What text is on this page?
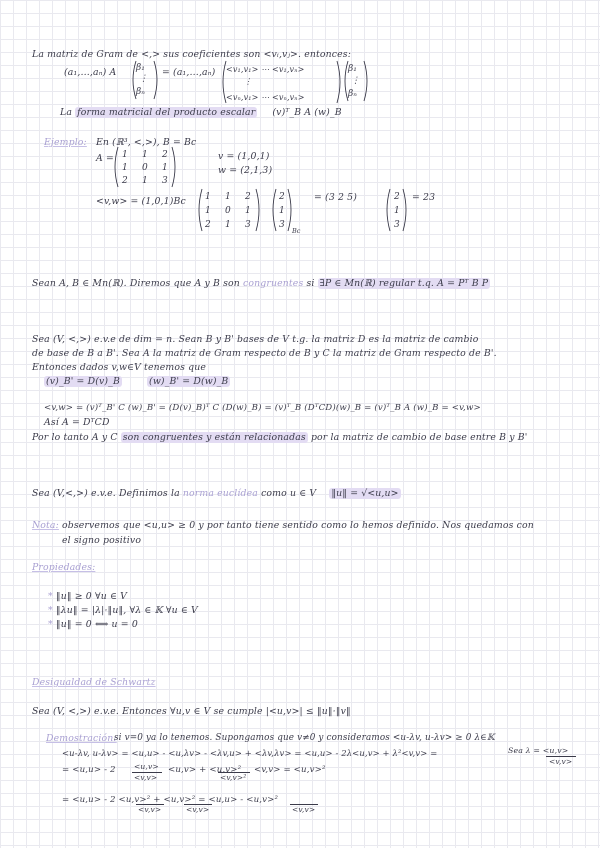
La matriz de Gram de <,> sus coeficientes son <vᵢ,vⱼ>. entonces:
(a₁,…,aₙ) A β₁
⋮
βₙ
= (a₁,…,aₙ) <v₁,v₁> ⋯ <v₁,vₙ>
⋮
<vₙ,v₁> ⋯ <vₙ,vₙ>
β₁
⋮
βₙ
La forma matricial del producto escalar (v)ᵀ_B A (w)_B
Ejemplo: En (ℝ³, <,>), B = Bc
A = 1 1 2
1 0 1
2 1 3
v = (1,0,1)
w = (2,1,3)
<v,w> = (1,0,1)Bc 1 1 2
1 0 1
2 1 3
2
1
3
Bc
= (3 2 5)	2
1
3
= 23
Sean A, B ∈ Mn(ℝ). Diremos que A y B son congruentes si ∃P ∈ Mn(ℝ) regular t.q. A = Pᵀ B P
Sea (V, <,>) e.v.e de dim = n. Sean B y B' bases de V t.g. la matriz D es la matriz de cambio
de base de B a B'. Sea A la matriz de Gram respecto de B y C la matriz de Gram respecto de B'.
Entonces dados v,w∈V tenemos que
(v)_B' = D(v)_B	(w)_B' = D(w)_B
<v,w> = (v)ᵀ_B' C (w)_B' = (D(v)_B)ᵀ C (D(w)_B) = (v)ᵀ_B (DᵀCD)(w)_B = (v)ᵀ_B A (w)_B = <v,w>
Así A = DᵀCD
Por lo tanto A y C son congruentes y están relacionadas por la matriz de cambio de base entre B y B'
Sea (V,<,>) e.v.e. Definimos la norma euclídea como u ∈ V ‖u‖ = √<u,u>
Nota: observemos que <u,u> ≥ 0 y por tanto tiene sentido como lo hemos definido. Nos quedamos con
el signo positivo
Propiedades:
* ‖u‖ ≥ 0 ∀u ∈ V
* ‖λu‖ = |λ|·‖u‖, ∀λ ∈ 𝕂 ∀u ∈ V
* ‖u‖ = 0 ⟺ u = 0
Desigualdad de Schwartz
Sea (V, <,>) e.v.e. Entonces ∀u,v ∈ V se cumple |<u,v>| ≤ ‖u‖·‖v‖
Demostración:
si v=0 ya lo tenemos. Supongamos que v≠0 y consideramos <u-λv, u-λv> ≥ 0 λ∈𝕂
<u-λv, u-λv> = <u,u> - <u,λv> - <λv,u> + <λv,λv> = <u,u> - 2λ<u,v> + λ²<v,v> =	Sea λ = <u,v>
<v,v>
= <u,u> - 2 <u,v>
<v,v>
<u,v> + <u,v>²
<v,v>²
<v,v> = <u,v>²
= <u,u> - 2 <u,v>² + <u,v>² = <u,u> - <u,v>²
<v,v>	<v,v>	<v,v>
